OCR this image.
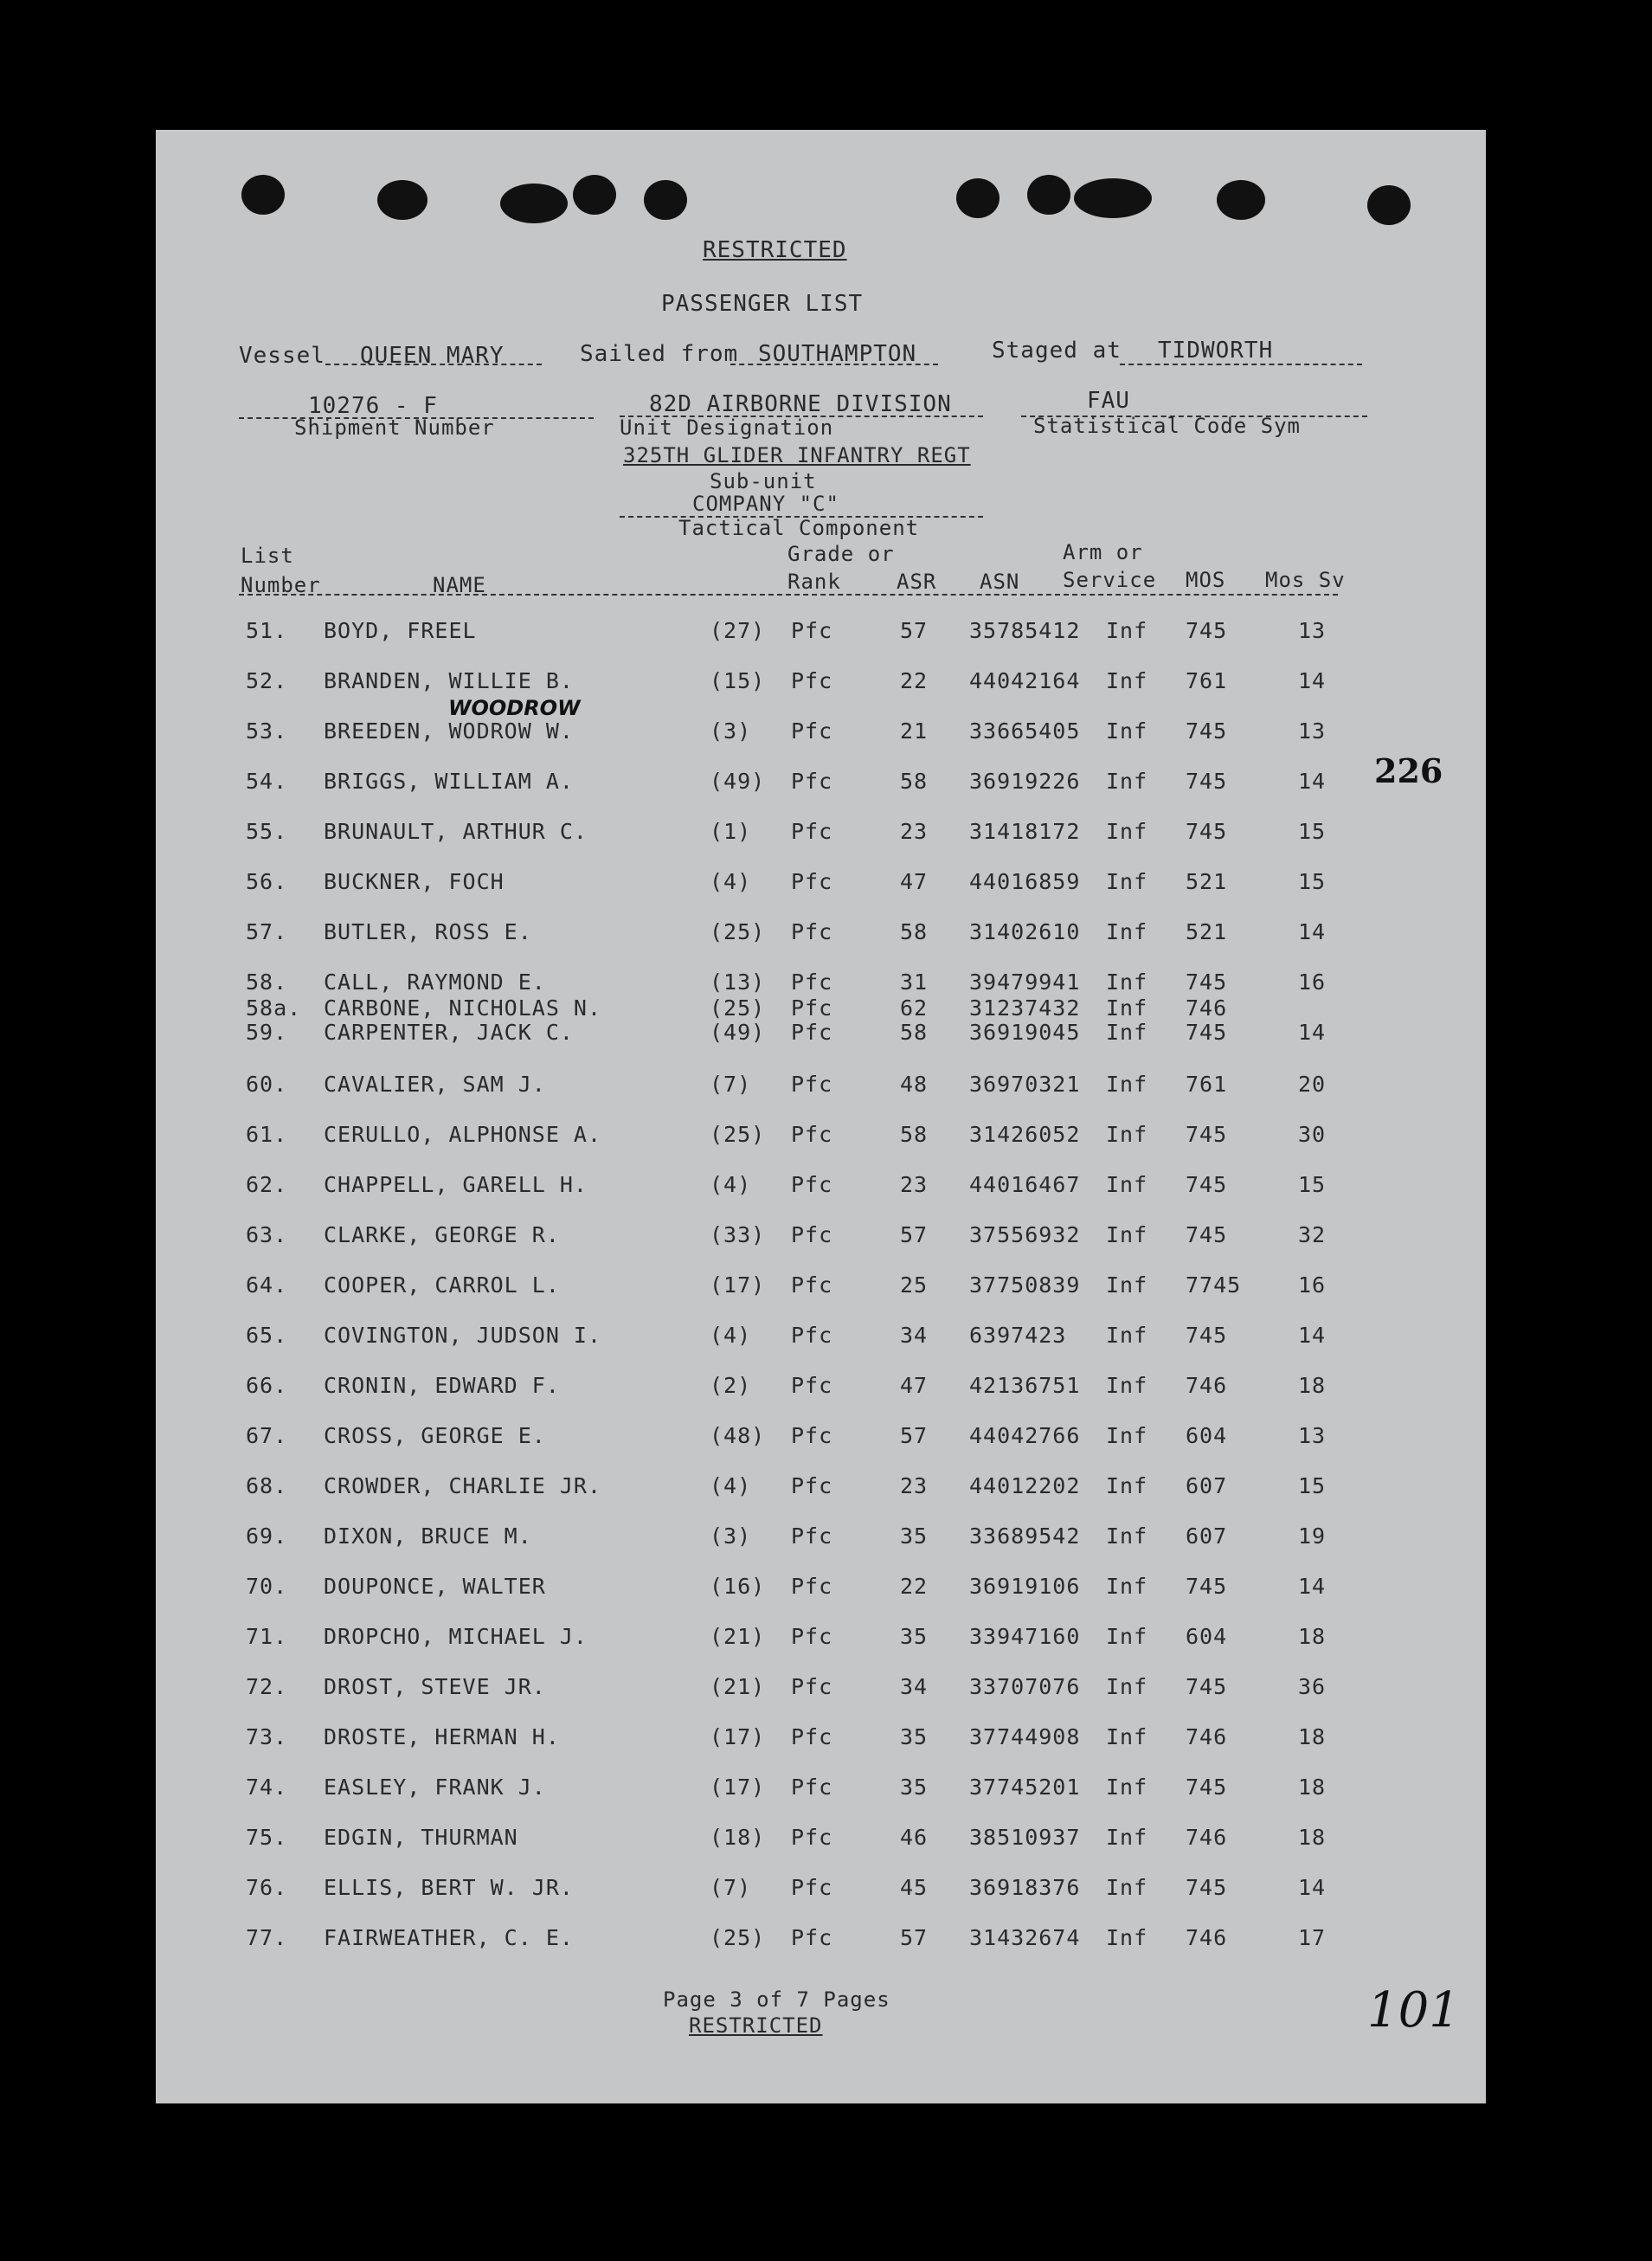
RESTRICTED
PASSENGER LIST
Vessel QUEEN MARY	Sailed from SOUTHAMPTON	Staged at TIDWORTH
10276 - F
Shipment Number
82D AIRBORNE DIVISION
Unit Designation
325TH GLIDER INFANTRY REGT
Sub-unit
COMPANY "C"
Tactical Component
FAU
Statistical Code Sym
List
Number	NAME
Grade or
Rank	ASR ASN
Arm or
Service MOS Mos Sv
51. BOYD, FREEL	(27) Pfc	57 35785412 Inf 745	13
52. BRANDEN, WILLIE B.	(15) Pfc	22 44042164 Inf 761	14
53. BREEDEN, WODROW W.	(3) Pfc	21 33665405 Inf 745	13
54. BRIGGS, WILLIAM A.	(49) Pfc	58 36919226 Inf 745	14
55. BRUNAULT, ARTHUR C.	(1) Pfc	23 31418172 Inf 745	15
56. BUCKNER, FOCH	(4) Pfc	47 44016859 Inf 521	15
57. BUTLER, ROSS E.	(25) Pfc	58 31402610 Inf 521	14
58. CALL, RAYMOND E.	(13) Pfc	31 39479941 Inf 745	16
58a. CARBONE, NICHOLAS N.	(25) Pfc	62 31237432 Inf 746
59. CARPENTER, JACK C.	(49) Pfc	58 36919045 Inf 745	14
60. CAVALIER, SAM J.	(7) Pfc	48 36970321 Inf 761	20
61. CERULLO, ALPHONSE A.	(25) Pfc	58 31426052 Inf 745	30
62. CHAPPELL, GARELL H.	(4) Pfc	23 44016467 Inf 745	15
63. CLARKE, GEORGE R.	(33) Pfc	57 37556932 Inf 745	32
64. COOPER, CARROL L.	(17) Pfc	25 37750839 Inf 7745	16
65. COVINGTON, JUDSON I.	(4) Pfc	34 6397423 Inf 745	14
66. CRONIN, EDWARD F.	(2) Pfc	47 42136751 Inf 746	18
67. CROSS, GEORGE E.	(48) Pfc	57 44042766 Inf 604	13
68. CROWDER, CHARLIE JR.	(4) Pfc	23 44012202 Inf 607	15
69. DIXON, BRUCE M.	(3) Pfc	35 33689542 Inf 607	19
70. DOUPONCE, WALTER	(16) Pfc	22 36919106 Inf 745	14
71. DROPCHO, MICHAEL J.	(21) Pfc	35 33947160 Inf 604	18
72. DROST, STEVE JR.	(21) Pfc	34 33707076 Inf 745	36
73. DROSTE, HERMAN H.	(17) Pfc	35 37744908 Inf 746	18
74. EASLEY, FRANK J.	(17) Pfc	35 37745201 Inf 745	18
75. EDGIN, THURMAN	(18) Pfc	46 38510937 Inf 746	18
76. ELLIS, BERT W. JR.	(7) Pfc	45 36918376 Inf 745	14
77. FAIRWEATHER, C. E.	(25) Pfc	57 31432674 Inf 746	17
WOODROW
226
101
Page 3 of 7 Pages
RESTRICTED
